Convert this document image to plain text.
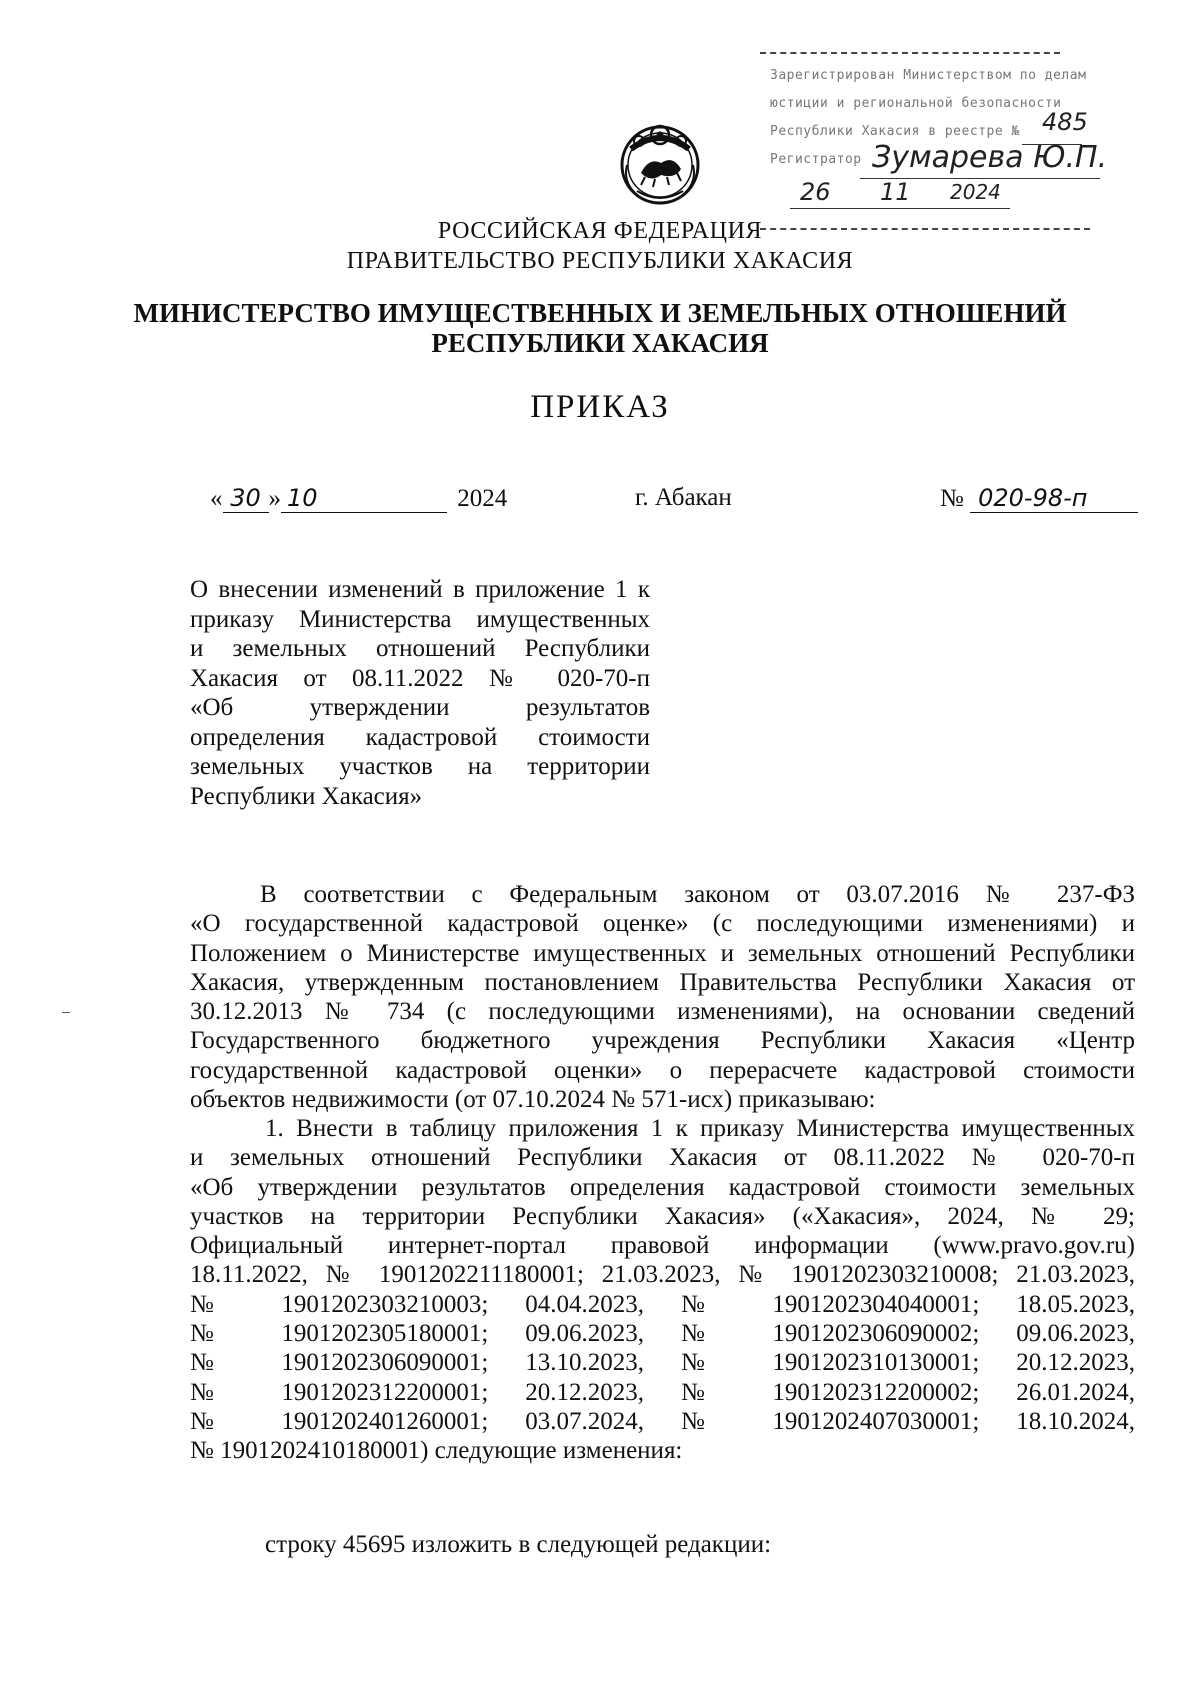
Зарегистрирован Министерством по делам
юстиции и региональной безопасности
Республики Хакасия в реестре № 485
Регистратор Зумарева Ю.П.
26 11 2024
РОССИЙСКАЯ ФЕДЕРАЦИЯ
ПРАВИТЕЛЬСТВО РЕСПУБЛИКИ ХАКАСИЯ
МИНИСТЕРСТВО ИМУЩЕСТВЕННЫХ И ЗЕМЕЛЬНЫХ ОТНОШЕНИЙ
РЕСПУБЛИКИ ХАКАСИЯ
ПРИКАЗ
« 30 » 10	2024	г. Абакан	№ 020-98-п
О внесении изменений в приложение 1 к
приказу Министерства имущественных
и земельных отношений Республики
Хакасия от 08.11.2022 № 020-70-п
«Об утверждении результатов
определения кадастровой стоимости
земельных участков на территории
Республики Хакасия»
В соответствии с Федеральным законом от 03.07.2016 № 237-ФЗ
«О государственной кадастровой оценке» (с последующими изменениями) и
Положением о Министерстве имущественных и земельных отношений Республики
Хакасия, утвержденным постановлением Правительства Республики Хакасия от
30.12.2013 № 734 (с последующими изменениями), на основании сведений
Государственного бюджетного учреждения Республики Хакасия «Центр
государственной кадастровой оценки» о перерасчете кадастровой стоимости
объектов недвижимости (от 07.10.2024 № 571-исх) приказываю:
1. Внести в таблицу приложения 1 к приказу Министерства имущественных
и земельных отношений Республики Хакасия от 08.11.2022 № 020-70-п
«Об утверждении результатов определения кадастровой стоимости земельных
участков на территории Республики Хакасия» («Хакасия», 2024, № 29;
Официальный интернет-портал правовой информации (www.pravo.gov.ru)
18.11.2022, № 1901202211180001; 21.03.2023, № 1901202303210008; 21.03.2023,
№ 1901202303210003; 04.04.2023, № 1901202304040001; 18.05.2023,
№ 1901202305180001; 09.06.2023, № 1901202306090002; 09.06.2023,
№ 1901202306090001; 13.10.2023, № 1901202310130001; 20.12.2023,
№ 1901202312200001; 20.12.2023, № 1901202312200002; 26.01.2024,
№ 1901202401260001; 03.07.2024, № 1901202407030001; 18.10.2024,
№ 1901202410180001) следующие изменения:
строку 45695 изложить в следующей редакции:
